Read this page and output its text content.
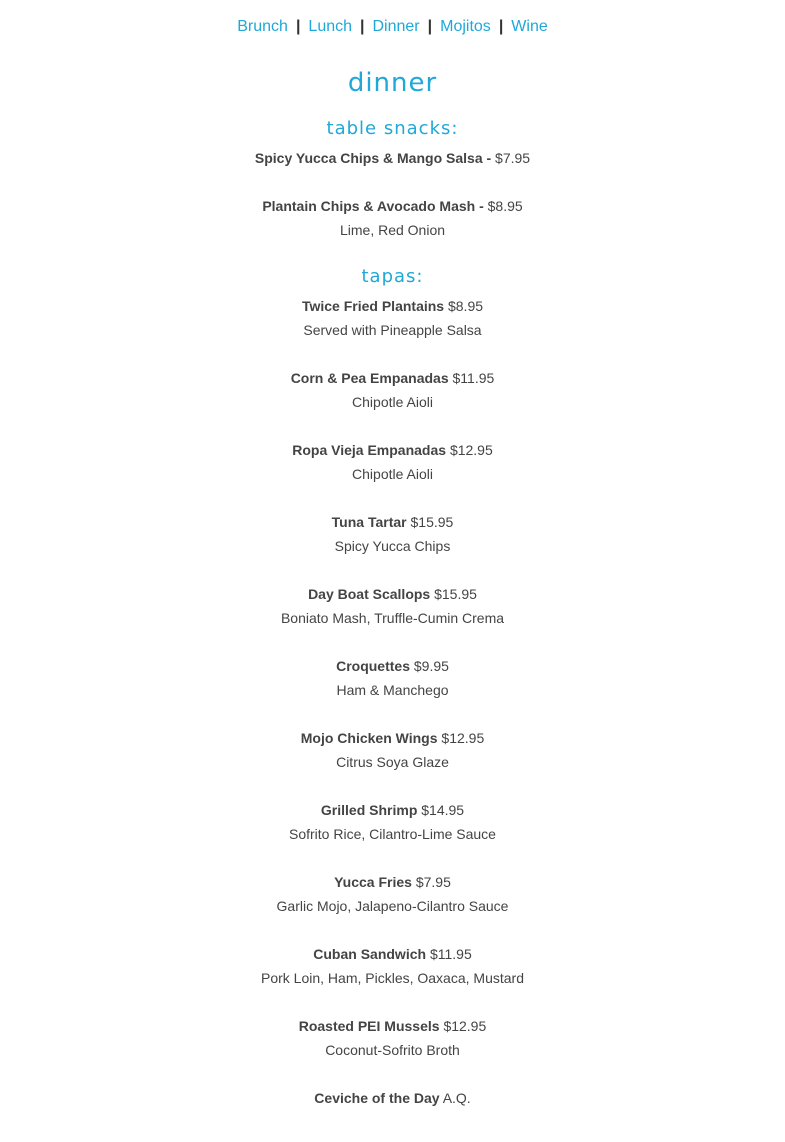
Brunch | Lunch | Dinner | Mojitos | Wine
dinner
table snacks:
Spicy Yucca Chips & Mango Salsa - $7.95
Plantain Chips & Avocado Mash - $8.95
Lime, Red Onion
tapas:
Twice Fried Plantains $8.95
Served with Pineapple Salsa
Corn & Pea Empanadas $11.95
Chipotle Aioli
Ropa Vieja Empanadas $12.95
Chipotle Aioli
Tuna Tartar $15.95
Spicy Yucca Chips
Day Boat Scallops $15.95
Boniato Mash, Truffle-Cumin Crema
Croquettes $9.95
Ham & Manchego
Mojo Chicken Wings $12.95
Citrus Soya Glaze
Grilled Shrimp $14.95
Sofrito Rice, Cilantro-Lime Sauce
Yucca Fries $7.95
Garlic Mojo, Jalapeno-Cilantro Sauce
Cuban Sandwich $11.95
Pork Loin, Ham, Pickles, Oaxaca, Mustard
Roasted PEI Mussels $12.95
Coconut-Sofrito Broth
Ceviche of the Day A.Q.
